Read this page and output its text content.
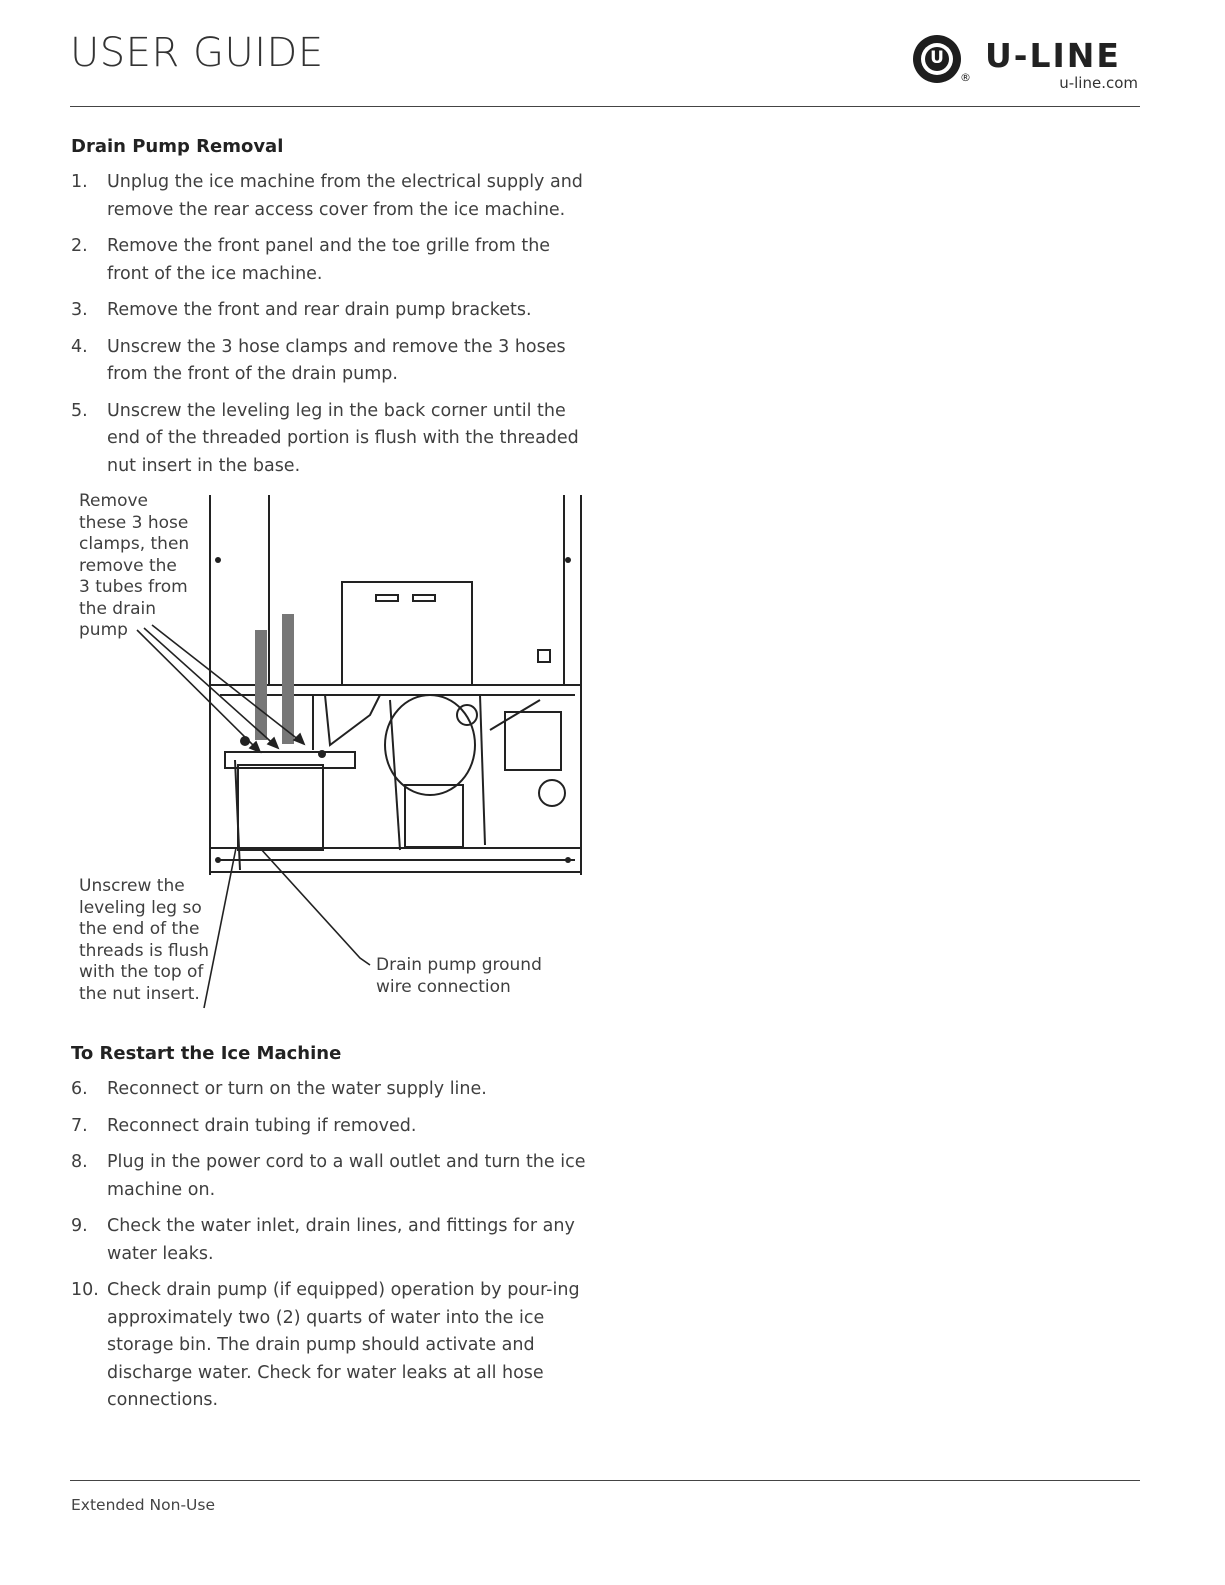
USER GUIDE	U
®
U-LINE
u-line.com
Drain Pump Removal
1. Unplug the ice machine from the electrical supply and remove the rear access cover from the ice machine.
2. Remove the front panel and the toe grille from the front of the ice machine.
3. Remove the front and rear drain pump brackets.
4. Unscrew the 3 hose clamps and remove the 3 hoses from the front of the drain pump.
5. Unscrew the leveling leg in the back corner until the end of the threaded portion is flush with the threaded nut insert in the base.
Remove
these 3 hose
clamps, then
remove the
3 tubes from
the drain
pump
Unscrew the
leveling leg so
the end of the
threads is flush
with the top of
the nut insert.
Drain pump ground
wire connection
To Restart the Ice Machine
6. Reconnect or turn on the water supply line.
7. Reconnect drain tubing if removed.
8. Plug in the power cord to a wall outlet and turn the ice machine on.
9. Check the water inlet, drain lines, and fittings for any water leaks.
10. Check drain pump (if equipped) operation by pour-ing approximately two (2) quarts of water into the ice storage bin. The drain pump should activate and discharge water. Check for water leaks at all hose connections.
Extended Non-Use
